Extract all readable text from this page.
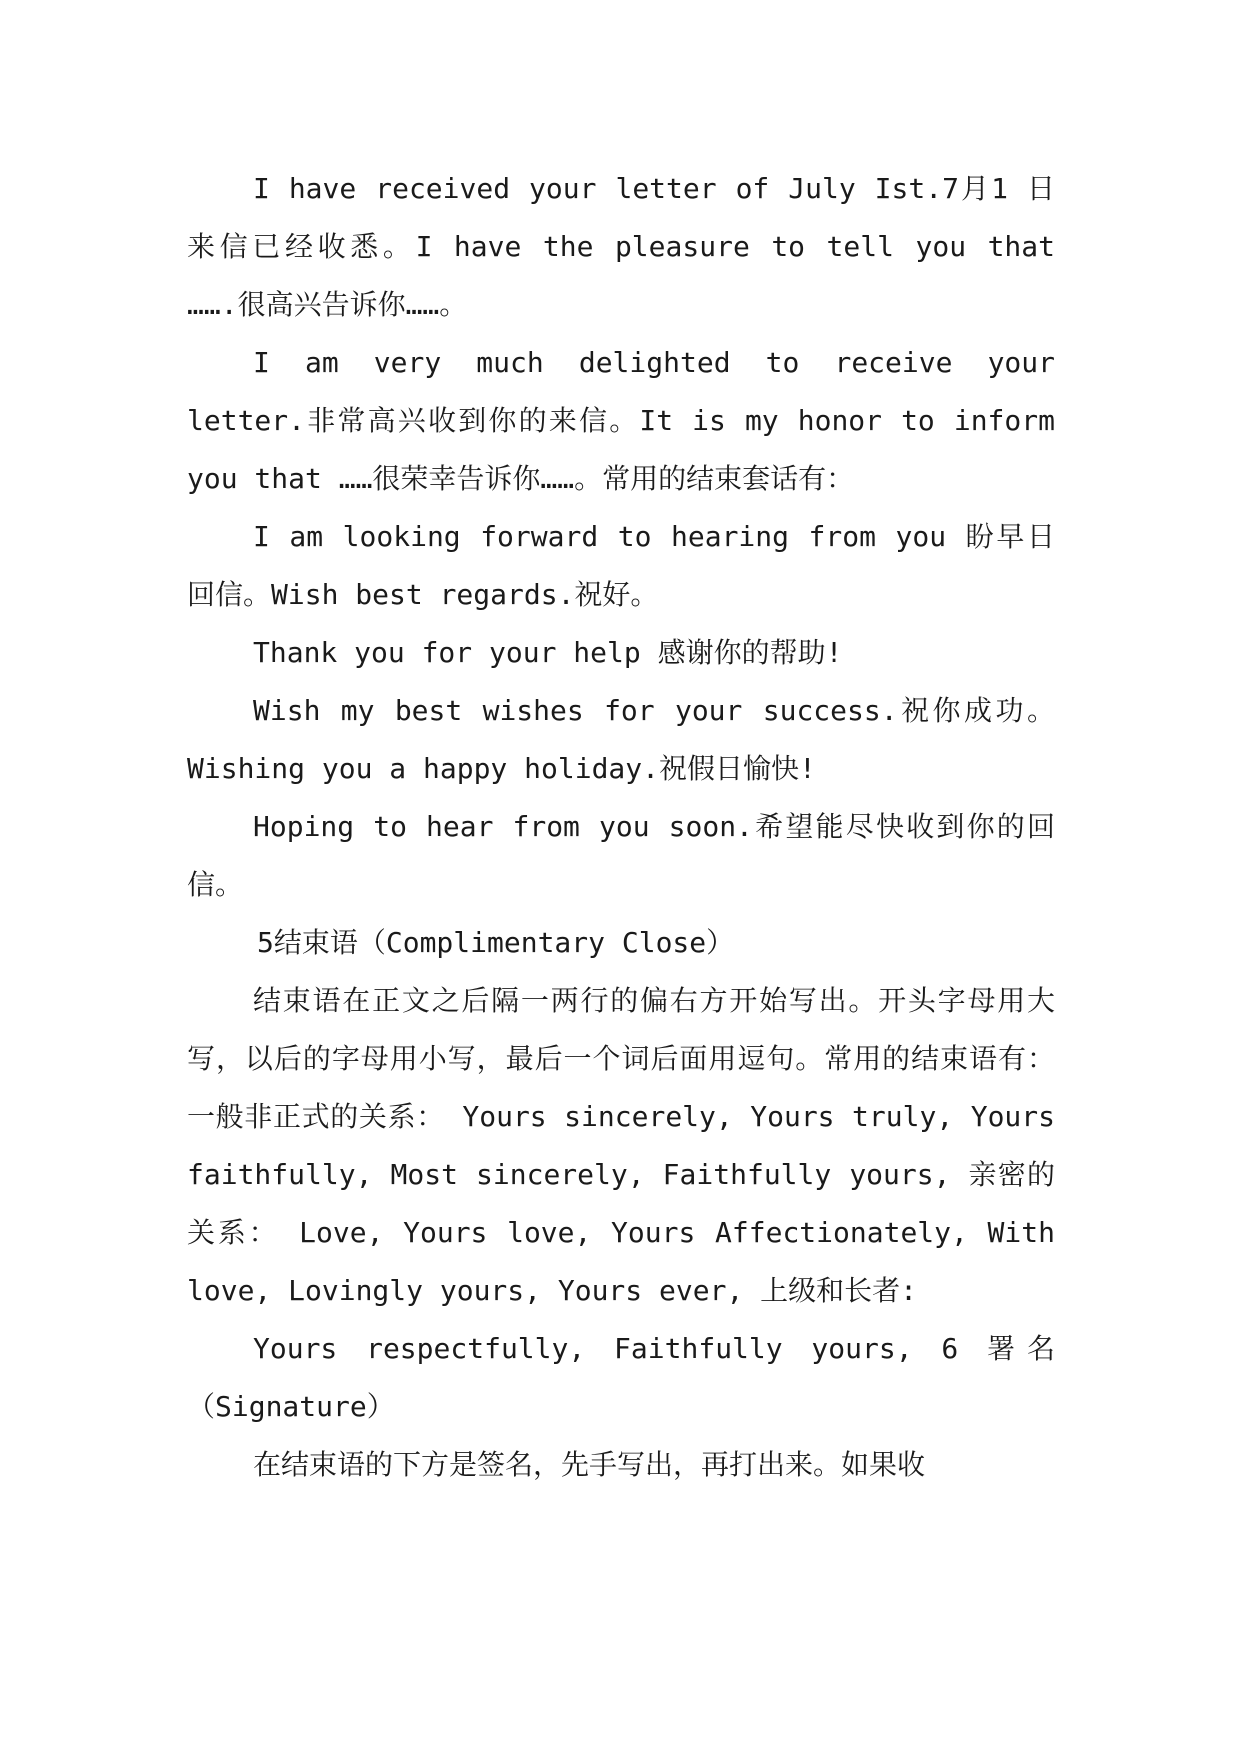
I have received your letter of July Ist.7月1 日来信已经收悉。I have the pleasure to tell you that …….很高兴告诉你……。

I am very much delighted to receive your letter.非常高兴收到你的来信。It is my honor to inform you that ……很荣幸告诉你……。常用的结束套话有：

I am looking forward to hearing from you 盼早日回信。Wish best regards.祝好。

Thank you for your help 感谢你的帮助!

Wish my best wishes for your success.祝你成功。Wishing you a happy holiday.祝假日愉快!

Hoping to hear from you soon.希望能尽快收到你的回信。

5结束语（Complimentary Close）

结束语在正文之后隔一两行的偏右方开始写出。开头字母用大写，以后的字母用小写，最后一个词后面用逗句。常用的结束语有： 一般非正式的关系： Yours sincerely, Yours truly, Yours faithfully, Most sincerely, Faithfully yours, 亲密的关系： Love, Yours love, Yours Affectionately, With love, Lovingly yours, Yours ever, 上级和长者:

Yours respectfully, Faithfully yours, 6 署名（Signature）

在结束语的下方是签名，先手写出，再打出来。如果收
